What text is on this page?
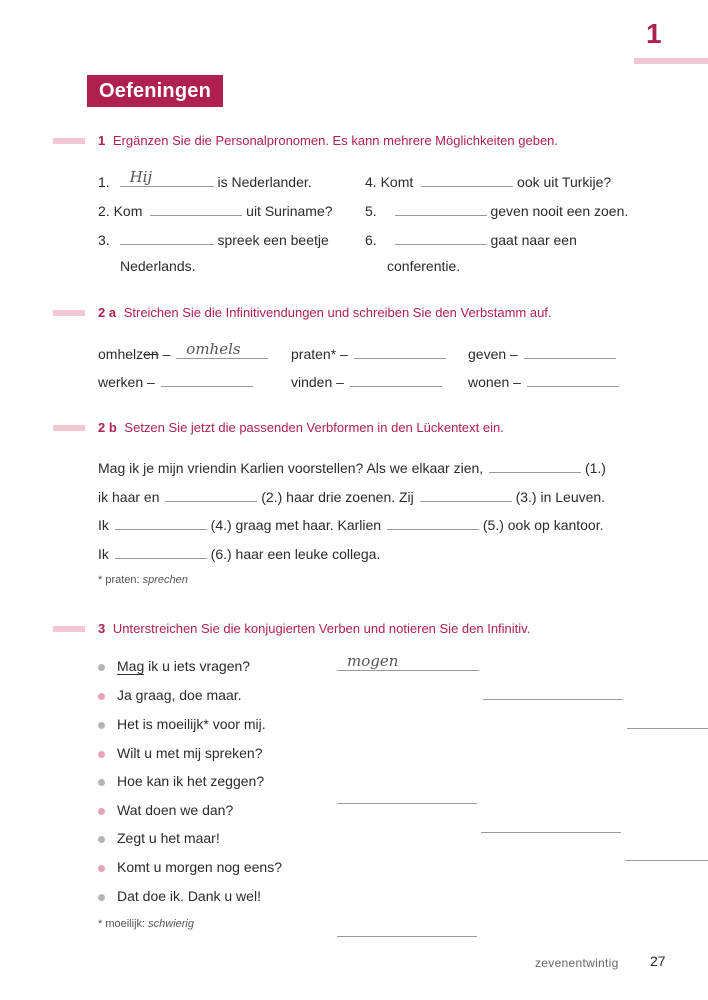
1
Oefeningen
1 Ergänzen Sie die Personalpronomen. Es kann mehrere Möglichkeiten geben.
1. Hij	is Nederlander.
2. Kom	uit Suriname?
3.	spreek een beetje
Nederlands.
4. Komt	ook uit Turkije?
5.	geven nooit een zoen.
6.	gaat naar een
conferentie.
2 a Streichen Sie die Infinitivendungen und schreiben Sie den Verbstamm auf.
omhelzen – omhels	praten* –	geven –
werken –	vinden –	wonen –
2 b Setzen Sie jetzt die passenden Verbformen in den Lückentext ein.
Mag ik je mijn vriendin Karlien voorstellen? Als we elkaar zien,	(1.)
ik haar en	(2.) haar drie zoenen. Zij	(3.) in Leuven.
Ik	(4.) graag met haar. Karlien	(5.) ook op kantoor.
Ik	(6.) haar een leuke collega.
* praten: sprechen
3 Unterstreichen Sie die konjugierten Verben und notieren Sie den Infinitiv.
Mag ik u iets vragen?	mogen

Ja graag, doe maar.

Het is moeilijk* voor mij.

Wilt u met mij spreken?

Hoe kan ik het zeggen?

Wat doen we dan?

Zegt u het maar!

Komt u morgen nog eens?

Dat doe ik. Dank u wel!
* moeilijk: schwierig
zevenentwintig 27
